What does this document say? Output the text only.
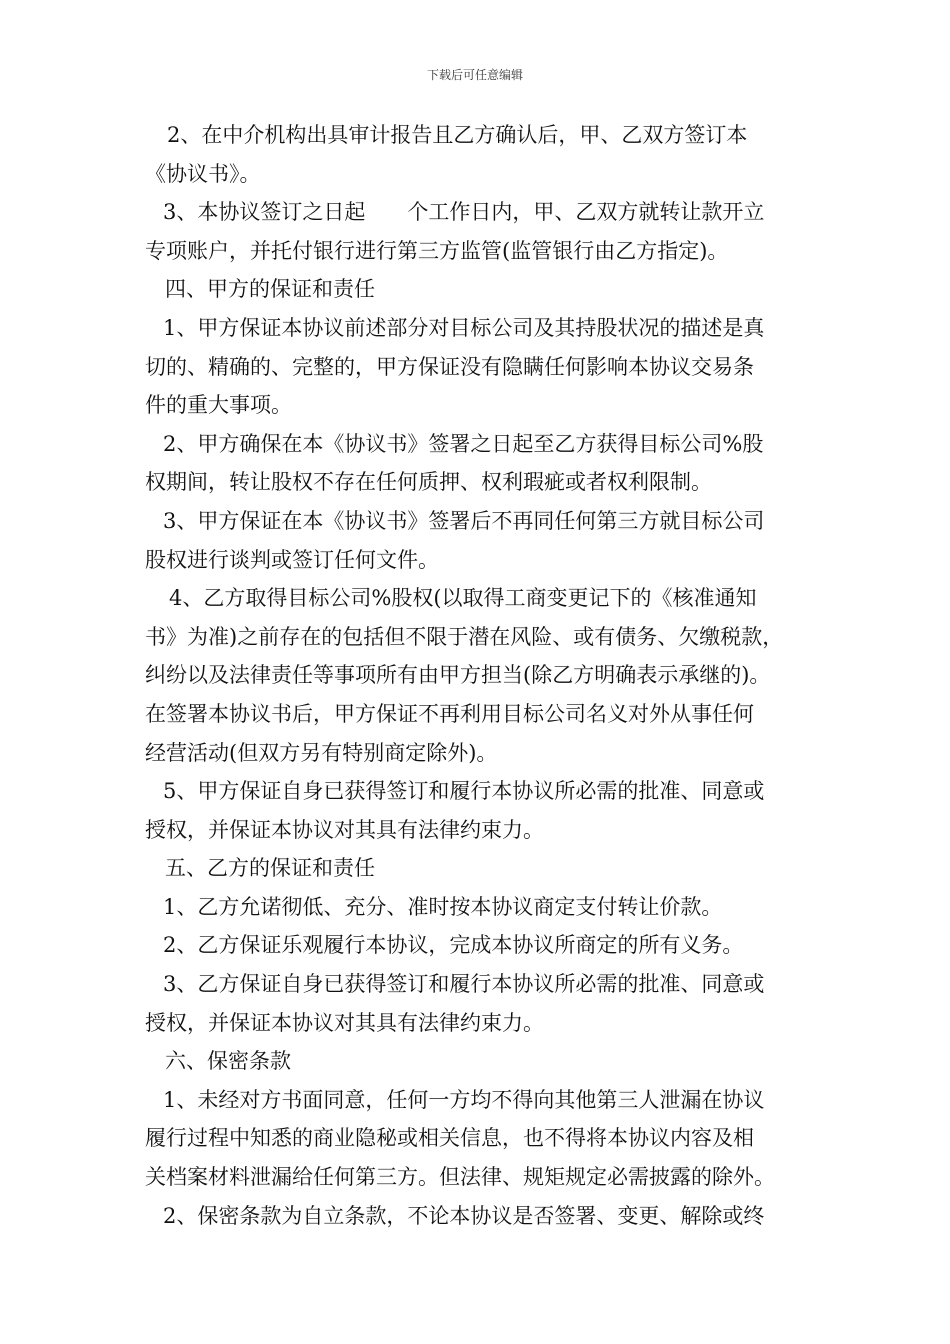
下载后可任意编辑
2、在中介机构出具审计报告且乙方确认后，甲、乙双方签订本
《协议书》。
3、本协议签订之日起　　个工作日内，甲、乙双方就转让款开立
专项账户，并托付银行进行第三方监管(监管银行由乙方指定)。
四、甲方的保证和责任
1、甲方保证本协议前述部分对目标公司及其持股状况的描述是真
切的、精确的、完整的，甲方保证没有隐瞒任何影响本协议交易条
件的重大事项。
2、甲方确保在本《协议书》签署之日起至乙方获得目标公司%股
权期间，转让股权不存在任何质押、权利瑕疵或者权利限制。
3、甲方保证在本《协议书》签署后不再同任何第三方就目标公司
股权进行谈判或签订任何文件。
4、乙方取得目标公司%股权(以取得工商变更记下的《核准通知
书》为准)之前存在的包括但不限于潜在风险、或有债务、欠缴税款，
纠纷以及法律责任等事项所有由甲方担当(除乙方明确表示承继的)。
在签署本协议书后，甲方保证不再利用目标公司名义对外从事任何
经营活动(但双方另有特别商定除外)。
5、甲方保证自身已获得签订和履行本协议所必需的批准、同意或
授权，并保证本协议对其具有法律约束力。
五、乙方的保证和责任
1、乙方允诺彻低、充分、准时按本协议商定支付转让价款。
2、乙方保证乐观履行本协议，完成本协议所商定的所有义务。
3、乙方保证自身已获得签订和履行本协议所必需的批准、同意或
授权，并保证本协议对其具有法律约束力。
六、保密条款
1、未经对方书面同意，任何一方均不得向其他第三人泄漏在协议
履行过程中知悉的商业隐秘或相关信息，也不得将本协议内容及相
关档案材料泄漏给任何第三方。但法律、规矩规定必需披露的除外。
2、保密条款为自立条款，不论本协议是否签署、变更、解除或终
